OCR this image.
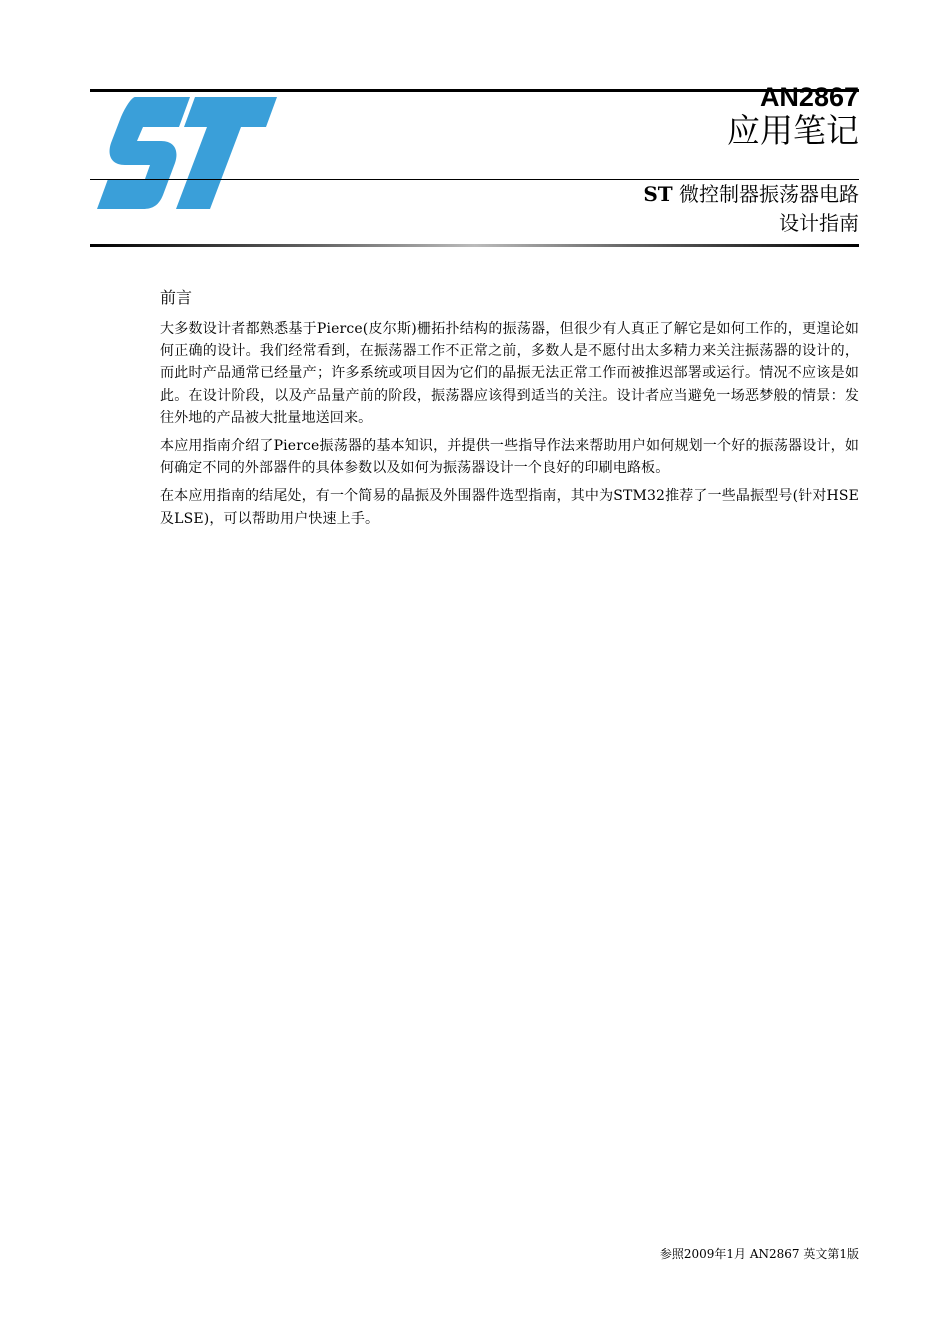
AN2867
应用笔记
ST 微控制器振荡器电路
设计指南
前言

大多数设计者都熟悉基于Pierce(皮尔斯)栅拓扑结构的振荡器，但很少有人真正了解它是如何工作的，更遑论如何正确的设计。我们经常看到，在振荡器工作不正常之前，多数人是不愿付出太多精力来关注振荡器的设计的，而此时产品通常已经量产；许多系统或项目因为它们的晶振无法正常工作而被推迟部署或运行。情况不应该是如此。在设计阶段，以及产品量产前的阶段，振荡器应该得到适当的关注。设计者应当避免一场恶梦般的情景：发往外地的产品被大批量地送回来。

本应用指南介绍了Pierce振荡器的基本知识，并提供一些指导作法来帮助用户如何规划一个好的振荡器设计，如何确定不同的外部器件的具体参数以及如何为振荡器设计一个良好的印刷电路板。

在本应用指南的结尾处，有一个简易的晶振及外围器件选型指南，其中为STM32推荐了一些晶振型号(针对HSE及LSE)，可以帮助用户快速上手。

参照2009年1月 AN2867 英文第1版
